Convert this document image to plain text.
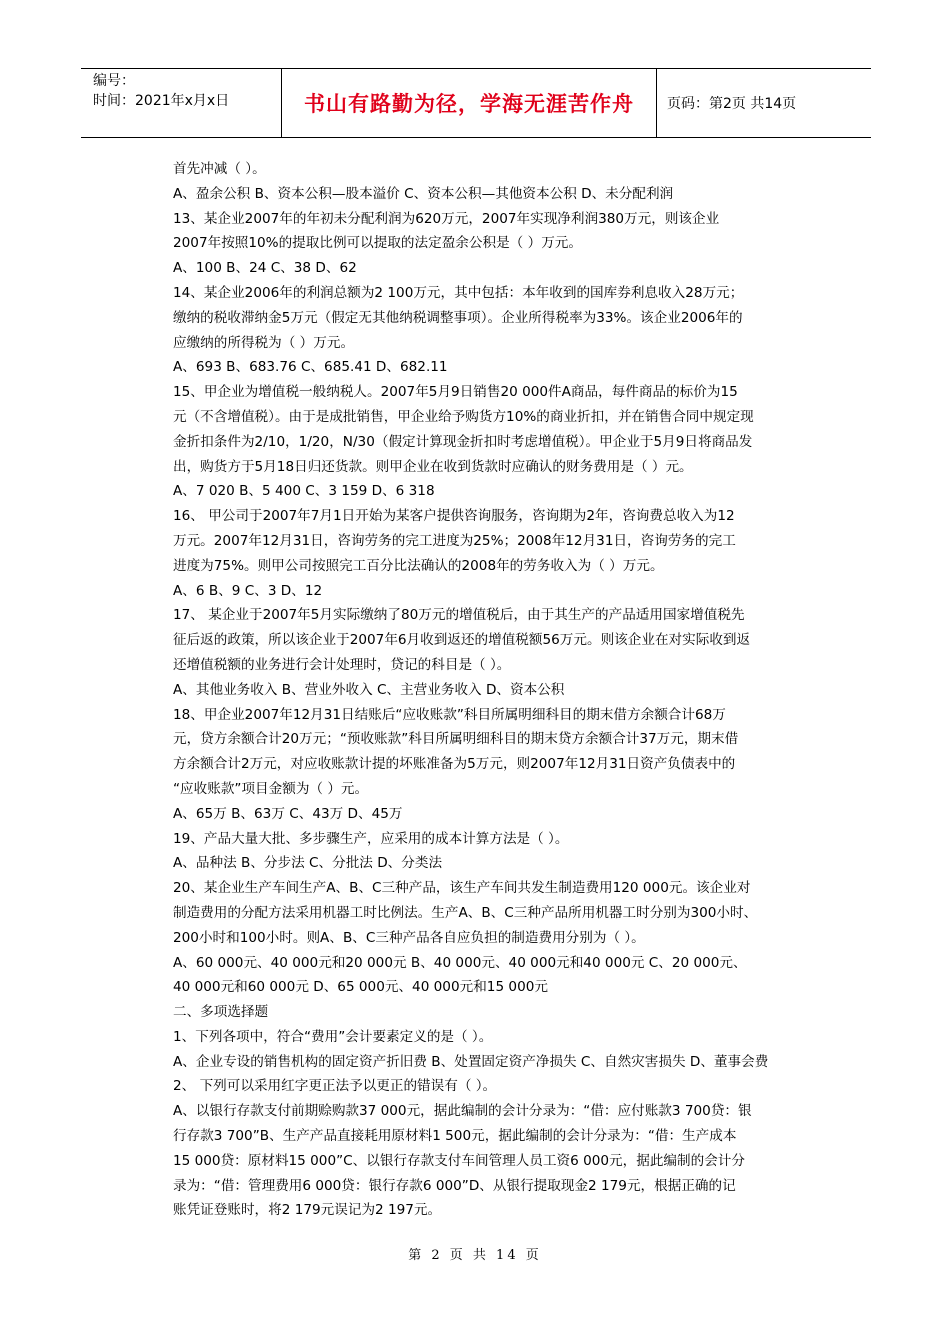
编号：
时间：2021年x月x日	书山有路勤为径，学海无涯苦作舟 页码：第2页 共14页

首先冲减（ ）。

A、盈余公积 B、资本公积—股本溢价 C、资本公积—其他资本公积 D、未分配利润

13、某企业2007年的年初未分配利润为620万元，2007年实现净利润380万元，则该企业

2007年按照10%的提取比例可以提取的法定盈余公积是（ ）万元。

A、100 B、24 C、38 D、62

14、某企业2006年的利润总额为2 100万元，其中包括：本年收到的国库券利息收入28万元；

缴纳的税收滞纳金5万元（假定无其他纳税调整事项）。企业所得税率为33%。该企业2006年的

应缴纳的所得税为（ ）万元。

A、693 B、683.76 C、685.41 D、682.11

15、甲企业为增值税一般纳税人。2007年5月9日销售20 000件A商品，每件商品的标价为15

元（不含增值税）。由于是成批销售，甲企业给予购货方10%的商业折扣，并在销售合同中规定现

金折扣条件为2/10，1/20，N/30（假定计算现金折扣时考虑增值税）。甲企业于5月9日将商品发

出，购货方于5月18日归还货款。则甲企业在收到货款时应确认的财务费用是（ ）元。

A、7 020 B、5 400 C、3 159 D、6 318

16、 甲公司于2007年7月1日开始为某客户提供咨询服务，咨询期为2年，咨询费总收入为12

万元。2007年12月31日，咨询劳务的完工进度为25%；2008年12月31日，咨询劳务的完工

进度为75%。则甲公司按照完工百分比法确认的2008年的劳务收入为（ ）万元。

A、6 B、9 C、3 D、12

17、 某企业于2007年5月实际缴纳了80万元的增值税后，由于其生产的产品适用国家增值税先

征后返的政策，所以该企业于2007年6月收到返还的增值税额56万元。则该企业在对实际收到返

还增值税额的业务进行会计处理时，贷记的科目是（ ）。

A、其他业务收入 B、营业外收入 C、主营业务收入 D、资本公积

18、甲企业2007年12月31日结账后“应收账款”科目所属明细科目的期末借方余额合计68万

元，贷方余额合计20万元；“预收账款”科目所属明细科目的期末贷方余额合计37万元，期末借

方余额合计2万元，对应收账款计提的坏账准备为5万元，则2007年12月31日资产负债表中的

“应收账款”项目金额为（ ）元。

A、65万 B、63万 C、43万 D、45万

19、产品大量大批、多步骤生产，应采用的成本计算方法是（ ）。

A、品种法 B、分步法 C、分批法 D、分类法

20、某企业生产车间生产A、B、C三种产品，该生产车间共发生制造费用120 000元。该企业对

制造费用的分配方法采用机器工时比例法。生产A、B、C三种产品所用机器工时分别为300小时、

200小时和100小时。则A、B、C三种产品各自应负担的制造费用分别为（ ）。

A、60 000元、40 000元和20 000元 B、40 000元、40 000元和40 000元 C、20 000元、

40 000元和60 000元 D、65 000元、40 000元和15 000元

二、多项选择题

1、下列各项中，符合“费用”会计要素定义的是（ ）。

A、企业专设的销售机构的固定资产折旧费 B、处置固定资产净损失 C、自然灾害损失 D、董事会费

2、 下列可以采用红字更正法予以更正的错误有（ ）。

A、以银行存款支付前期赊购款37 000元，据此编制的会计分录为：“借：应付账款3 700贷：银

行存款3 700”B、生产产品直接耗用原材料1 500元，据此编制的会计分录为：“借：生产成本

15 000贷：原材料15 000”C、以银行存款支付车间管理人员工资6 000元，据此编制的会计分

录为：“借：管理费用6 000贷：银行存款6 000”D、从银行提取现金2 179元，根据正确的记

账凭证登账时，将2 179元误记为2 197元。

第 2 页 共 14 页
